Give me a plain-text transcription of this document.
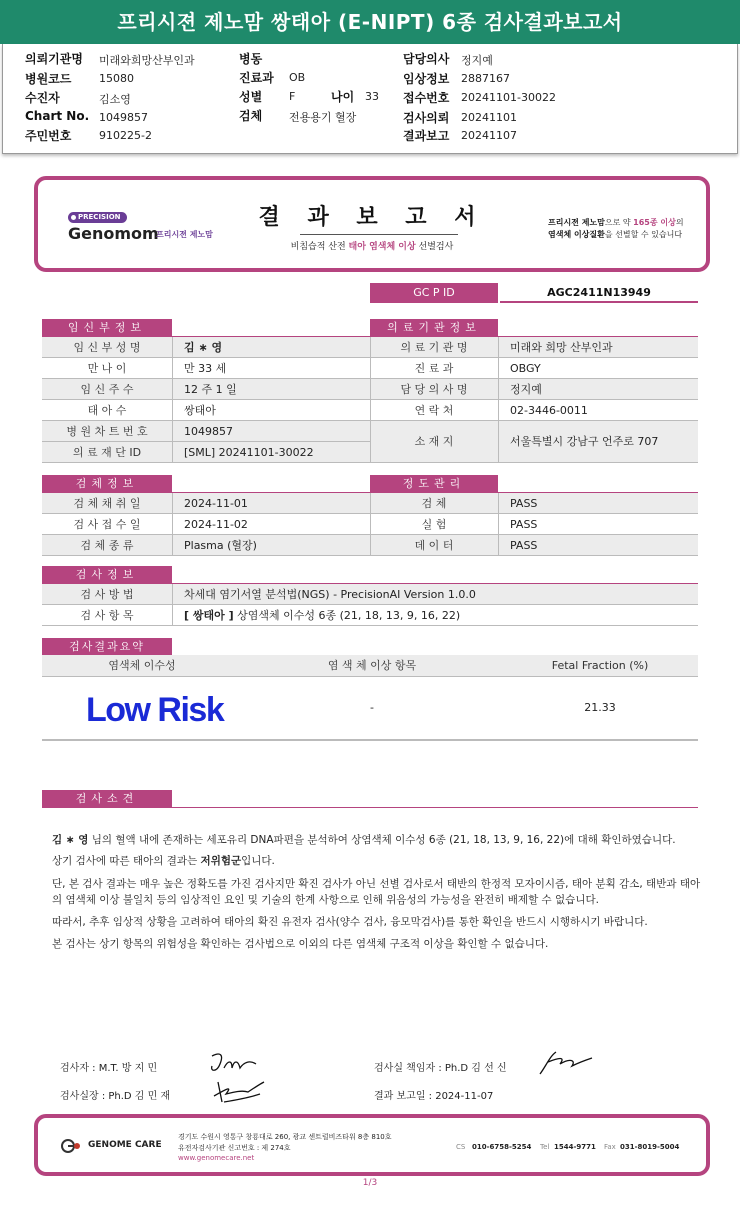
프리시젼 제노맘 쌍태아 (E-NIPT) 6종 검사결과보고서
의뢰기관명 미래와희망산부인과
병원코드	15080
수진자	김소영
Chart No. 1049857
주민번호	910225-2
병동
진료과 OB
성별 F	나이 33
검체 전용용기 혈장
담당의사 정지예
임상정보 2887167
접수번호 20241101-30022
검사의뢰 20241101
결과보고 20241107
PRECISION
Genomom
프리시젼 제노맘
결 과 보 고 서
비침습적 산전 태아 염색체 이상 선별검사
프리시젼 제노맘으로 약 165종 이상의
염색체 이상질환을 선별할 수 있습니다
GC P ID	AGC2411N13949
임신부정보	의료기관정보
임 신 부 성 명	김 ∗ 영	의 료 기 관 명	미래와 희망 산부인과
만 나 이	만 33 세	진 료 과	OBGY
임 신 주 수	12 주 1 일	담 당 의 사 명	정지예
태 아 수	쌍태아	연 락 처	02-3446-0011
병 원 차 트 번 호	1049857
의 료 재 단 ID	[SML] 20241101-30022
소 재 지	서울특별시 강남구 언주로 707
검체정보	정도관리
검 체 채 취 일	2024-11-01	검 체	PASS
검 사 접 수 일	2024-11-02	실 험	PASS
검 체 종 류	Plasma (혈장)	데 이 터	PASS
검사정보
검 사 방 법	차세대 염기서열 분석법(NGS) - PrecisionAI Version 1.0.0
검 사 항 목	[ 쌍태아 ] 상염색체 이수성 6종 (21, 18, 13, 9, 16, 22)
검사결과요약
염색체 이수성	염 색 체 이상 항목	Fetal Fraction (%)
Low Risk	-	21.33
검사소견
김 ∗ 영 님의 혈액 내에 존재하는 세포유리 DNA파편을 분석하여 상염색체 이수성 6종 (21, 18, 13, 9, 16, 22)에 대해 확인하였습니다.
상기 검사에 따른 태아의 결과는 저위험군입니다.
단, 본 검사 결과는 매우 높은 정확도를 가진 검사지만 확진 검사가 아닌 선별 검사로서 태반의 한정적 모자이시즘, 태아 분획 감소, 태반과 태아의 염색체 이상 불일치 등의 임상적인 요인 및 기술의 한계 사항으로 인해 위음성의 가능성을 완전히 배제할 수 없습니다.
따라서, 추후 임상적 상황을 고려하여 태아의 확진 유전자 검사(양수 검사, 융모막검사)를 통한 확인을 반드시 시행하시기 바랍니다.
본 검사는 상기 항목의 위험성을 확인하는 검사법으로 이외의 다른 염색체 구조적 이상을 확인할 수 없습니다.
검사자 : M.T. 방 지 민	검사실 책임자 : Ph.D 김 선 신
검사실장 : Ph.D 김 민 재	결과 보고일 : 2024-11-07
GENOME CARE
경기도 수원시 영통구 창룡대로 260, 광교 센트럴비즈타워 8층 810호
유전자검사기관 신고번호 : 제 274호
www.genomecare.net
CS 010-6758-5254 Tel 1544-9771 Fax 031-8019-5004
1/3
